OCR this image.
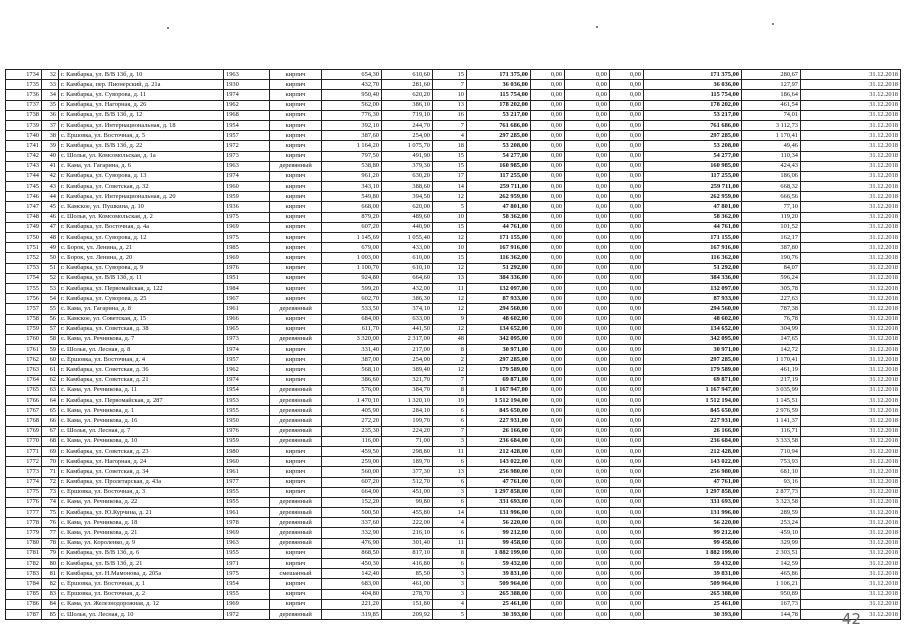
1734	32	г. Камбарка, ул. В/В 13б, д. 10	1963	кирпич	654,30	610,60	15	171 375,00	0,00	0,00	0,00	171 375,00	280,67	31.12.2018
1735	33	г. Камбарка, пер. Пионерский, д. 21а	1930	кирпич	432,70	281,60	7	36 036,00	0,00	0,00	0,00	36 036,00	127,97	31.12.2018
1736	34	г. Камбарка, ул. Суворова, д. 11	1974	кирпич	950,40	620,20	10	115 754,00	0,00	0,00	0,00	115 754,00	186,64	31.12.2018
1737	35	г. Камбарка, ул. Нагорная, д. 26	1962	кирпич	562,00	386,10	13	178 202,00	0,00	0,00	0,00	178 202,00	461,54	31.12.2018
1738	36	г. Камбарка, ул. В/В 13б, д. 12	1968	кирпич	776,30	719,10	16	53 217,00	0,00	0,00	0,00	53 217,00	74,01	31.12.2018
1739	37	г. Камбарка, ул. Интернациональная, д. 18	1954	кирпич	392,10	244,70	7	761 686,00	0,00	0,00	0,00	761 686,00	3 112,73	31.12.2018
1740	38	с. Ершовка, ул. Восточная, д. 5	1957	кирпич	387,60	254,00	4	297 285,00	0,00	0,00	0,00	297 285,00	1 170,41	31.12.2018
1741	39	г. Камбарка, ул. В/В 13б, д. 22	1972	кирпич	1 164,20	1 075,70	18	53 208,00	0,00	0,00	0,00	53 208,00	49,46	31.12.2018
1742	40	с. Шолья, ул. Комсомольская, д. 1а	1973	кирпич	797,50	491,90	15	54 277,00	0,00	0,00	0,00	54 277,00	110,34	31.12.2018
1743	41	с. Кама, ул. Гагарина, д. 6	1963	деревянный	538,80	379,30	15	160 985,00	0,00	0,00	0,00	160 985,00	424,43	31.12.2018
1744	42	г. Камбарка, ул. Суворова, д. 13	1974	кирпич	961,20	630,20	17	117 255,00	0,00	0,00	0,00	117 255,00	186,06	31.12.2018
1745	43	г. Камбарка, ул. Советская, д. 32	1960	кирпич	343,10	388,60	14	259 711,00	0,00	0,00	0,00	259 711,00	668,32	31.12.2018
1746	44	г. Камбарка, ул. Интернациональная, д. 20	1959	кирпич	549,80	394,50	12	262 959,00	0,00	0,00	0,00	262 959,00	666,56	31.12.2018
1747	45	с. Камское, ул. Пушкина, д. 10	1936	кирпич	668,00	620,00	5	47 801,00	0,00	0,00	0,00	47 801,00	77,10	31.12.2018
1748	46	с. Шолья, ул. Комсомольская, д. 2	1975	кирпич	879,20	489,60	10	58 362,00	0,00	0,00	0,00	58 362,00	119,20	31.12.2018
1749	47	г. Камбарка, ул. Восточная, д. 4а	1969	кирпич	607,20	440,90	15	44 761,00	0,00	0,00	0,00	44 761,00	101,52	31.12.2018
1750	48	г. Камбарка, ул. Суворова, д. 12	1975	кирпич	1 145,69	1 055,40	12	171 155,00	0,00	0,00	0,00	171 155,00	162,17	31.12.2018
1751	49	с. Борок, ул. Ленина, д. 21	1985	кирпич	679,00	433,00	10	167 916,00	0,00	0,00	0,00	167 916,00	387,80	31.12.2018
1752	50	с. Борок, ул. Ленина, д. 20	1969	кирпич	1 003,00	610,00	15	116 362,00	0,00	0,00	0,00	116 362,00	190,76	31.12.2018
1753	51	г. Камбарка, ул. Суворова, д. 9	1976	кирпич	1 100,70	610,10	12	51 292,00	0,00	0,00	0,00	51 292,00	84,07	31.12.2018
1754	52	г. Камбарка, ул. В/В 13б, д. 11	1951	кирпич	924,80	664,60	13	384 336,00	0,00	0,00	0,00	384 336,00	596,24	31.12.2018
1755	53	г. Камбарка, ул. Первомайская, д. 122	1984	кирпич	599,20	432,00	11	132 097,00	0,00	0,00	0,00	132 097,00	305,78	31.12.2018
1756	54	г. Камбарка, ул. Суворова, д. 25	1967	кирпич	602,70	386,30	12	87 933,00	0,00	0,00	0,00	87 933,00	227,63	31.12.2018
1757	55	с. Кама, ул. Гагарина, д. 8	1961	деревянный	533,50	374,10	12	294 560,00	0,00	0,00	0,00	294 560,00	787,38	31.12.2018
1758	56	с. Камское, ул. Советская, д. 15	1966	кирпич	684,00	633,00	9	48 602,00	0,00	0,00	0,00	48 602,00	76,78	31.12.2018
1759	57	г. Камбарка, ул. Советская, д. 38	1965	кирпич	611,70	441,50	12	134 652,00	0,00	0,00	0,00	134 652,00	304,99	31.12.2018
1760	58	с. Кама, ул. Речникова, д. 7	1973	деревянный	3 320,00	2 317,00	48	342 095,00	0,00	0,00	0,00	342 095,00	147,65	31.12.2018
1761	59	с. Шолья, ул. Лесная, д. 8	1974	кирпич	331,40	217,00	8	30 971,00	0,00	0,00	0,00	30 971,00	142,72	31.12.2018
1762	60	с. Ершовка, ул. Восточная, д. 4	1957	кирпич	387,00	254,00	2	297 285,00	0,00	0,00	0,00	297 285,00	1 170,41	31.12.2018
1763	61	г. Камбарка, ул. Советская, д. 36	1962	кирпич	568,10	389,40	12	179 589,00	0,00	0,00	0,00	179 589,00	461,19	31.12.2018
1764	62	г. Камбарка, ул. Советская, д. 21	1974	кирпич	386,60	321,70	7	69 871,00	0,00	0,00	0,00	69 871,00	217,19	31.12.2018
1765	63	с. Кама, ул. Речникова, д. 11	1954	деревянный	576,00	384,70	8	1 167 947,00	0,00	0,00	0,00	1 167 947,00	3 035,99	31.12.2018
1766	64	г. Камбарка, ул. Первомайская, д. 287	1953	деревянный	1 470,10	1 320,10	19	1 512 194,00	0,00	0,00	0,00	1 512 194,00	1 145,51	31.12.2018
1767	65	с. Кама, ул. Речникова, д. 1	1955	деревянный	405,90	284,10	6	845 650,00	0,00	0,00	0,00	845 650,00	2 976,59	31.12.2018
1768	66	с. Кама, ул. Речникова, д. 16	1950	деревянный	272,20	199,70	6	227 931,00	0,00	0,00	0,00	227 931,00	1 141,37	31.12.2018
1769	67	с. Шолья, ул. Лесная, д. 7	1976	деревянный	235,30	224,20	7	26 166,00	0,00	0,00	0,00	26 166,00	116,71	31.12.2018
1770	68	с. Кама, ул. Речникова, д. 10	1959	деревянный	116,00	71,00	3	236 684,00	0,00	0,00	0,00	236 684,00	3 333,58	31.12.2018
1771	69	г. Камбарка, ул. Советская, д. 23	1980	кирпич	459,50	298,80	11	212 428,00	0,00	0,00	0,00	212 428,00	710,94	31.12.2018
1772	70	г. Камбарка, ул. Нагорная, д. 24	1960	кирпич	259,00	189,70	6	143 022,00	0,00	0,00	0,00	143 022,00	753,93	31.12.2018
1773	71	г. Камбарка, ул. Советская, д. 34	1961	кирпич	560,00	377,30	13	256 980,00	0,00	0,00	0,00	256 980,00	681,10	31.12.2018
1774	72	г. Камбарка, ул. Пролетарская, д. 43а	1977	кирпич	607,20	512,70	6	47 761,00	0,00	0,00	0,00	47 761,00	93,16	31.12.2018
1775	73	с. Ершовка, ул. Восточная, д. 3	1955	кирпич	664,00	451,00	3	1 297 858,00	0,00	0,00	0,00	1 297 858,00	2 877,73	31.12.2018
1776	74	с. Кама, ул. Речникова, д. 22	1955	деревянный	152,20	99,80	6	331 693,00	0,00	0,00	0,00	331 693,00	3 323,58	31.12.2018
1777	75	г. Камбарка, ул. Ю.Курчина, д. 21	1961	деревянный	500,50	455,80	14	131 996,00	0,00	0,00	0,00	131 996,00	289,59	31.12.2018
1778	76	с. Кама, ул. Речникова, д. 18	1978	деревянный	337,60	222,00	4	56 220,00	0,00	0,00	0,00	56 220,00	253,24	31.12.2018
1779	77	с. Кама, ул. Речникова, д. 21	1969	деревянный	332,90	216,10	6	99 212,00	0,00	0,00	0,00	99 212,00	459,10	31.12.2018
1780	78	с. Кама, ул. Короленко, д. 9	1963	деревянный	476,90	301,40	11	99 458,00	0,00	0,00	0,00	99 458,00	329,99	31.12.2018
1781	79	г. Камбарка, ул. В/В 13б, д. 6	1955	кирпич	868,50	817,10	8	1 882 199,00	0,00	0,00	0,00	1 882 199,00	2 303,51	31.12.2018
1782	80	г. Камбарка, ул. В/В 13б, д. 21	1971	кирпич	450,30	416,80	6	59 432,00	0,00	0,00	0,00	59 432,00	142,59	31.12.2018
1783	81	г. Камбарка, ул. Н.Мамонова, д. 205а	1975	смешанный	142,40	85,50	3	39 831,00	0,00	0,00	0,00	39 831,00	465,86	31.12.2018
1784	82	с. Ершовка, ул. Восточная, д. 1	1954	кирпич	683,00	461,00	3	509 964,00	0,00	0,00	0,00	509 964,00	1 106,21	31.12.2018
1785	83	с. Ершовка, ул. Восточная, д. 2	1955	кирпич	404,80	278,70	3	265 388,00	0,00	0,00	0,00	265 388,00	950,89	31.12.2018
1786	84	с. Кама, ул. Железнодорожная, д. 12	1969	кирпич	221,20	151,80	4	25 461,00	0,00	0,00	0,00	25 461,00	167,73	31.12.2018
1787	85	с. Шолья, ул. Лесная, д. 10	1972	деревянный	319,85	209,92	5	30 393,00	0,00	0,00	0,00	30 393,00	144,78	31.12.2018
42
